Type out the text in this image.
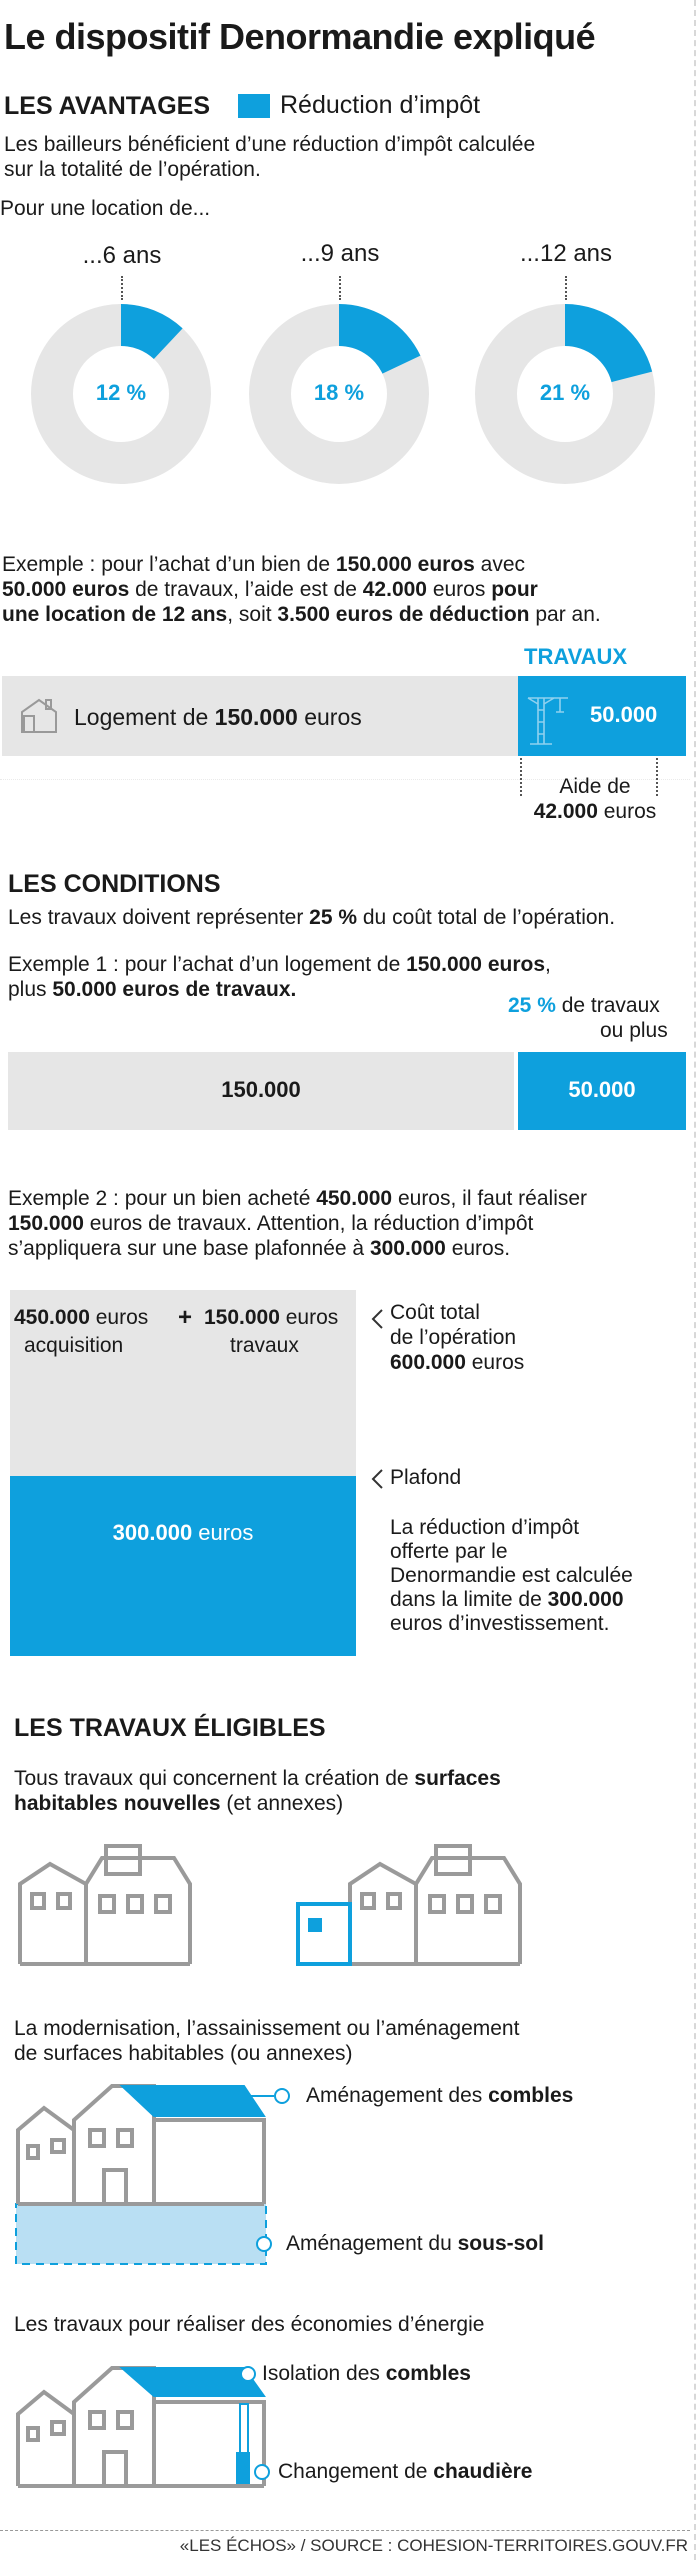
Le dispositif Denormandie expliqué
LES AVANTAGES	Réduction d’impôt
Les bailleurs bénéficient d’une réduction d’impôt calculée
sur la totalité de l’opération.
Pour une location de...
...6 ans	...9 ans	...12 ans
12 %	18 %	21 %
Exemple : pour l’achat d’un bien de 150.000 euros avec
50.000 euros de travaux, l’aide est de 42.000 euros pour
une location de 12 ans, soit 3.500 euros de déduction par an.
TRAVAUX
Logement de 150.000 euros	50.000
Aide de
42.000 euros
LES CONDITIONS
Les travaux doivent représenter 25 % du coût total de l’opération.
Exemple 1 : pour l’achat d’un logement de 150.000 euros,
plus 50.000 euros de travaux.
25 % de travaux
ou plus
150.000	50.000
Exemple 2 : pour un bien acheté 450.000 euros, il faut réaliser
150.000 euros de travaux. Attention, la réduction d’impôt
s’appliquera sur une base plafonnée à 300.000 euros.
450.000 euros
acquisition
+ 150.000 euros
travaux
300.000 euros
Coût total
de l’opération
600.000 euros
Plafond
La réduction d’impôt
offerte par le
Denormandie est calculée
dans la limite de 300.000
euros d’investissement.
LES TRAVAUX ÉLIGIBLES
Tous travaux qui concernent la création de surfaces
habitables nouvelles (et annexes)
La modernisation, l’assainissement ou l’aménagement
de surfaces habitables (ou annexes)
Aménagement des combles
Aménagement du sous-sol
Les travaux pour réaliser des économies d’énergie
Isolation des combles
Changement de chaudière
«LES ÉCHOS» / SOURCE : COHESION-TERRITOIRES.GOUV.FR
